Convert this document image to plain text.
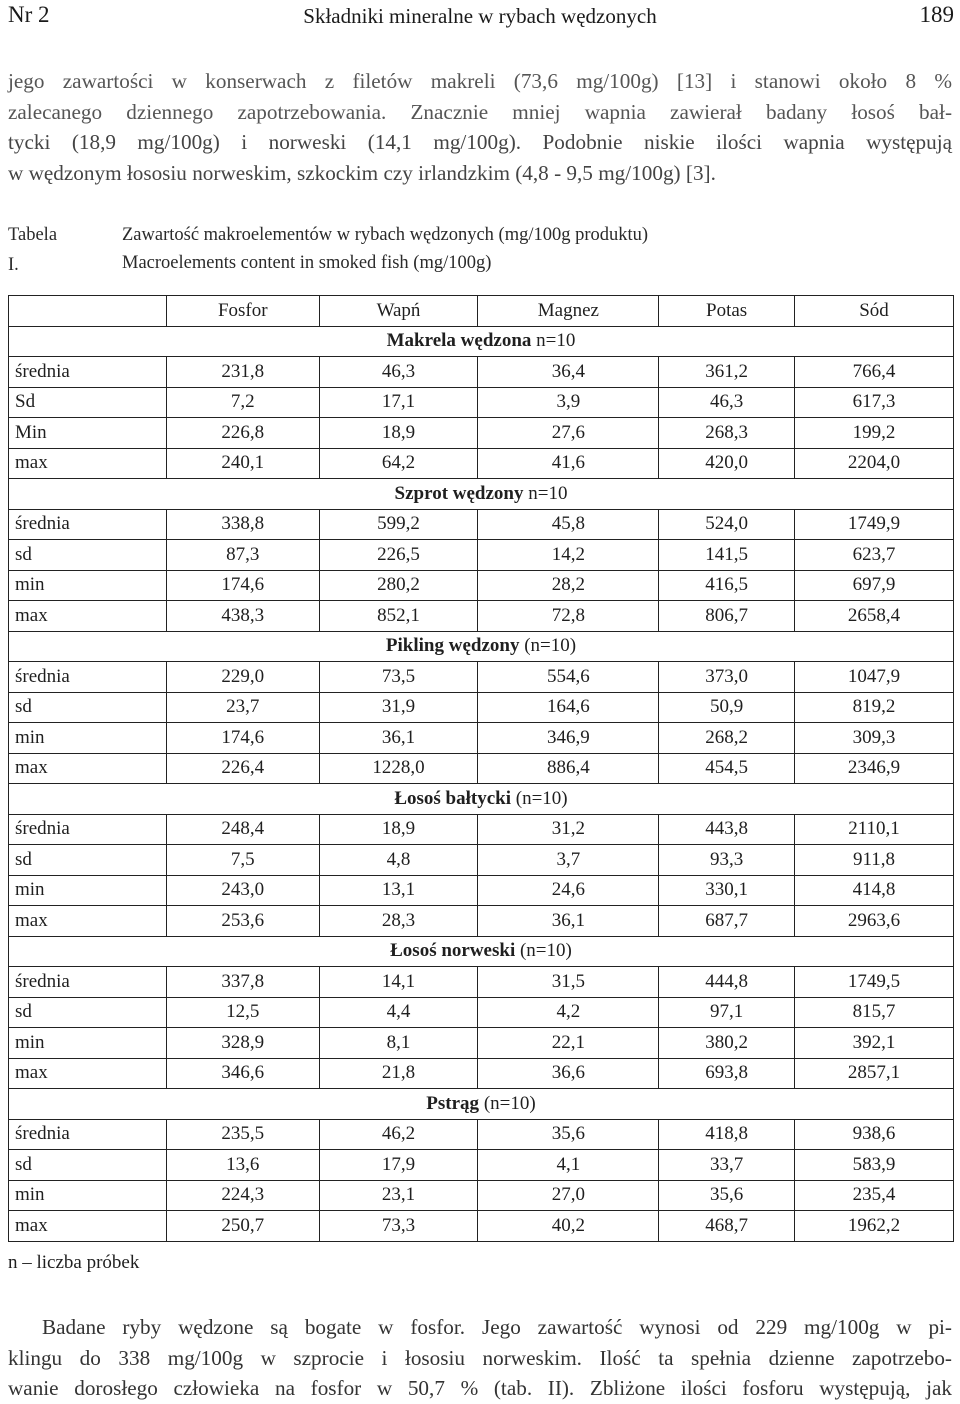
Nr 2	Składniki mineralne w rybach wędzonych	189
jego zawartości w konserwach z filetów makreli (73,6 mg/100g) [13] i stanowi około 8 %
zalecanego dziennego zapotrzebowania. Znacznie mniej wapnia zawierał badany łosoś bał-
tycki (18,9 mg/100g) i norweski (14,1 mg/100g). Podobnie niskie ilości wapnia występują
w wędzonym łososiu norweskim, szkockim czy irlandzkim (4,8 - 9,5 mg/100g) [3].
Tabela I.
Zawartość makroelementów w rybach wędzonych (mg/100g produktu)
Macroelements content in smoked fish (mg/100g)
	Fosfor	Wapń	Magnez	Potas	Sód
Makrela wędzona n=10					
średnia	231,8	46,3	36,4	361,2	766,4
Sd	7,2	17,1	3,9	46,3	617,3
Min	226,8	18,9	27,6	268,3	199,2
max	240,1	64,2	41,6	420,0	2204,0
Szprot wędzony n=10					
średnia	338,8	599,2	45,8	524,0	1749,9
sd	87,3	226,5	14,2	141,5	623,7
min	174,6	280,2	28,2	416,5	697,9
max	438,3	852,1	72,8	806,7	2658,4
Pikling wędzony (n=10)					
średnia	229,0	73,5	554,6	373,0	1047,9
sd	23,7	31,9	164,6	50,9	819,2
min	174,6	36,1	346,9	268,2	309,3
max	226,4	1228,0	886,4	454,5	2346,9
Łosoś bałtycki (n=10)					
średnia	248,4	18,9	31,2	443,8	2110,1
sd	7,5	4,8	3,7	93,3	911,8
min	243,0	13,1	24,6	330,1	414,8
max	253,6	28,3	36,1	687,7	2963,6
Łosoś norweski (n=10)					
średnia	337,8	14,1	31,5	444,8	1749,5
sd	12,5	4,4	4,2	97,1	815,7
min	328,9	8,1	22,1	380,2	392,1
max	346,6	21,8	36,6	693,8	2857,1
Pstrąg (n=10)					
średnia	235,5	46,2	35,6	418,8	938,6
sd	13,6	17,9	4,1	33,7	583,9
min	224,3	23,1	27,0	35,6	235,4
max	250,7	73,3	40,2	468,7	1962,2
n – liczba próbek
Badane ryby wędzone są bogate w fosfor. Jego zawartość wynosi od 229 mg/100g w pi-
klingu do 338 mg/100g w szprocie i łososiu norweskim. Ilość ta spełnia dzienne zapotrzebo-
wanie dorosłego człowieka na fosfor w 50,7 % (tab. II). Zbliżone ilości fosforu występują, jak
